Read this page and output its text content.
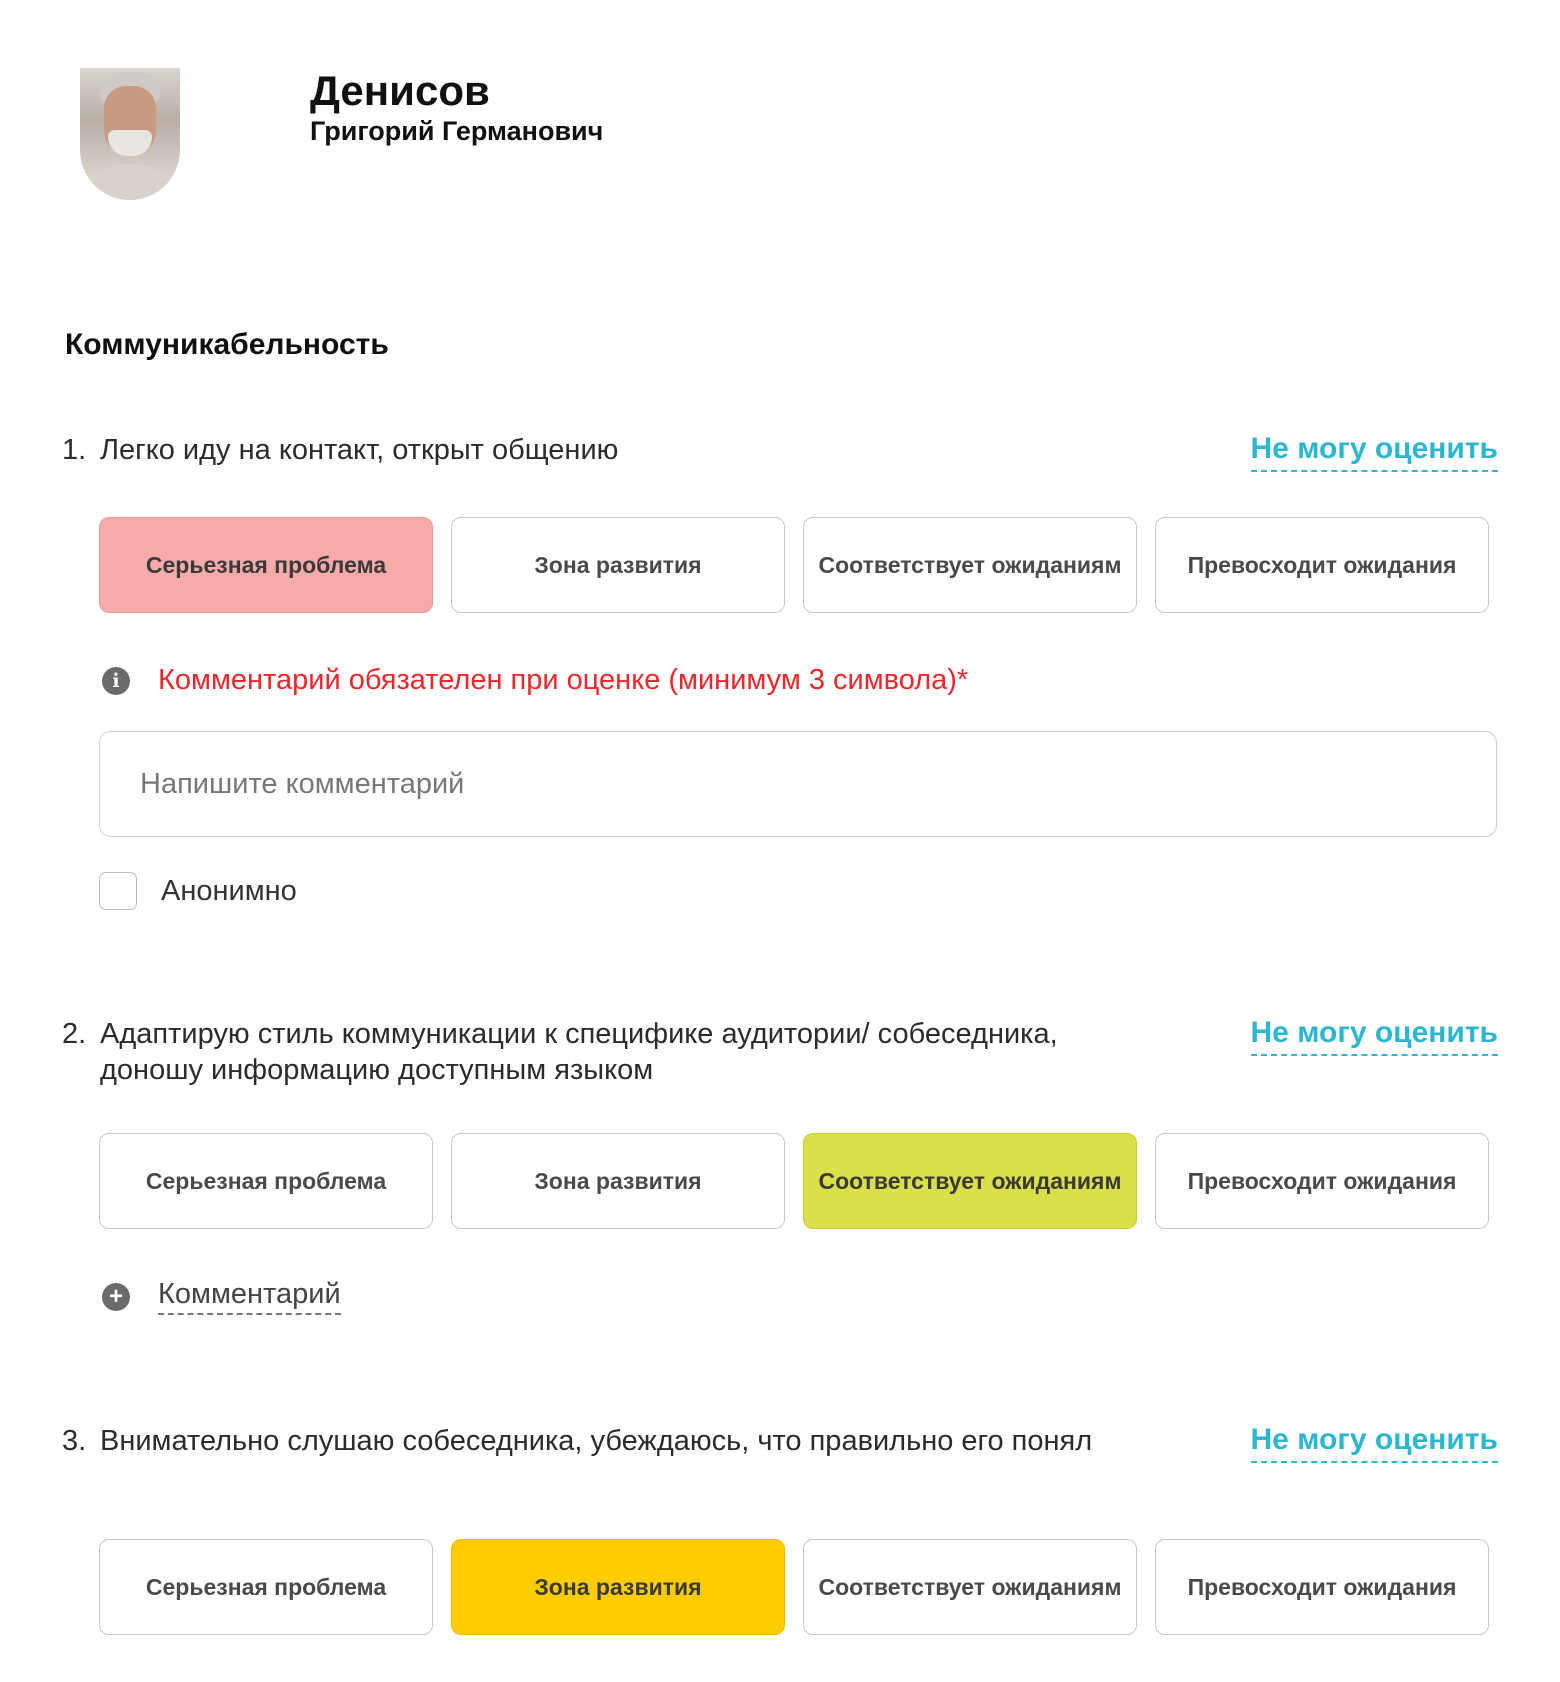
Денисов
Григорий Германович
Коммуникабельность
1. Легко иду на контакт, открыт общению	Не могу оценить
Серьезная проблема	Зона развития	Соответствует ожиданиям	Превосходит ожидания
i	Комментарий обязателен при оценке (минимум 3 символа)*
Напишите комментарий
Анонимно
2. Адаптирую стиль коммуникации к специфике аудитории/ собеседника, доношу информацию доступным языком
Не могу оценить
Серьезная проблема	Зона развития	Соответствует ожиданиям	Превосходит ожидания
+ Комментарий
3. Внимательно слушаю собеседника, убеждаюсь, что правильно его понял	Не могу оценить
Серьезная проблема	Зона развития	Соответствует ожиданиям	Превосходит ожидания
